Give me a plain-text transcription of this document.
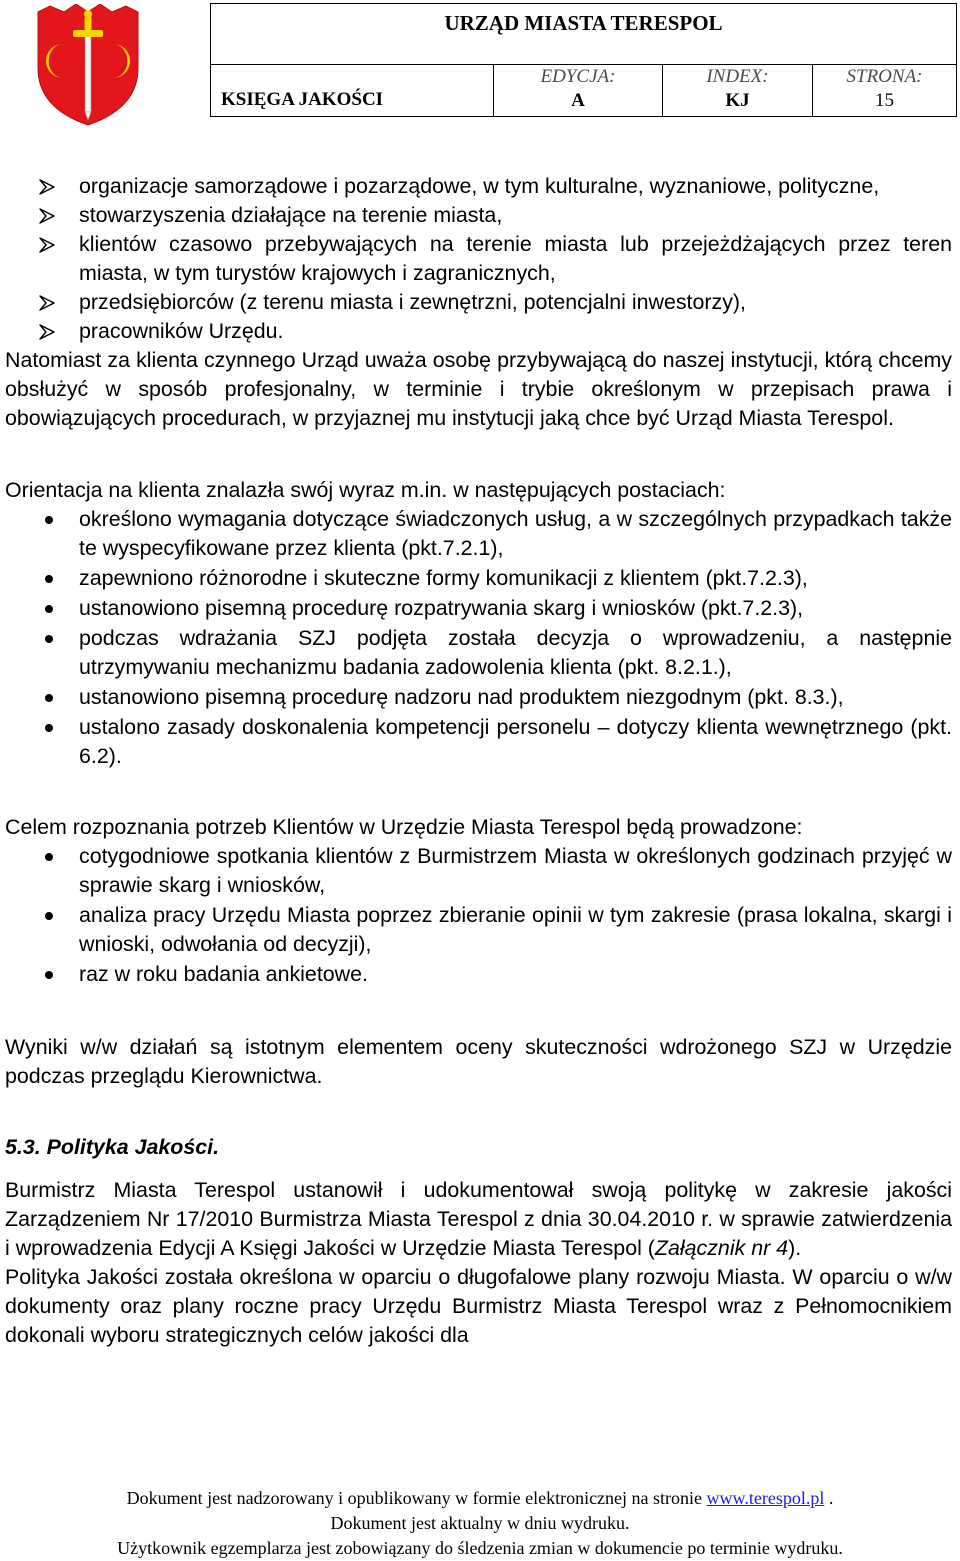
URZĄD MIASTA TERESPOL
KSIĘGA JAKOŚCI
EDYCJA:
A
INDEX:
KJ
STRONA:
15
organizacje samorządowe i pozarządowe, w tym kulturalne, wyznaniowe, polityczne,
stowarzyszenia działające na terenie miasta,
klientów czasowo przebywających na terenie miasta lub przejeżdżających przez teren miasta, w tym turystów krajowych i zagranicznych,
przedsiębiorców (z terenu miasta i zewnętrzni, potencjalni inwestorzy),
pracowników Urzędu.

Natomiast za klienta czynnego Urząd uważa osobę przybywającą do naszej instytucji, którą chcemy obsłużyć w sposób profesjonalny, w terminie i trybie określonym w przepisach prawa i obowiązujących procedurach, w przyjaznej mu instytucji jaką chce być Urząd Miasta Terespol.

Orientacja na klienta znalazła swój wyraz m.in. w następujących postaciach:

określono wymagania dotyczące świadczonych usług, a w szczególnych przypadkach także te wyspecyfikowane przez klienta (pkt.7.2.1),
zapewniono różnorodne i skuteczne formy komunikacji z klientem (pkt.7.2.3),
ustanowiono pisemną procedurę rozpatrywania skarg i wniosków (pkt.7.2.3),
podczas wdrażania SZJ podjęta została decyzja o wprowadzeniu, a następnie utrzymywaniu mechanizmu badania zadowolenia klienta (pkt. 8.2.1.),
ustanowiono pisemną procedurę nadzoru nad produktem niezgodnym (pkt. 8.3.),
ustalono zasady doskonalenia kompetencji personelu – dotyczy klienta wewnętrznego (pkt. 6.2).

Celem rozpoznania potrzeb Klientów w Urzędzie Miasta Terespol będą prowadzone:

cotygodniowe spotkania klientów z Burmistrzem Miasta w określonych godzinach przyjęć w sprawie skarg i wniosków,
analiza pracy Urzędu Miasta poprzez zbieranie opinii w tym zakresie (prasa lokalna, skargi i wnioski, odwołania od decyzji),
raz w roku badania ankietowe.

Wyniki w/w działań są istotnym elementem oceny skuteczności wdrożonego SZJ w Urzędzie podczas przeglądu Kierownictwa.

5.3. Polityka Jakości.

Burmistrz Miasta Terespol ustanowił i udokumentował swoją politykę w zakresie jakości Zarządzeniem Nr 17/2010 Burmistrza Miasta Terespol z dnia 30.04.2010 r. w sprawie zatwierdzenia i wprowadzenia Edycji A Księgi Jakości w Urzędzie Miasta Terespol (Załącznik nr 4).

Polityka Jakości została określona w oparciu o długofalowe plany rozwoju Miasta. W oparciu o w/w dokumenty oraz plany roczne pracy Urzędu Burmistrz Miasta Terespol wraz z Pełnomocnikiem dokonali wyboru strategicznych celów jakości dla

Dokument jest nadzorowany i opublikowany w formie elektronicznej na stronie www.terespol.pl .
Dokument jest aktualny w dniu wydruku.
Użytkownik egzemplarza jest zobowiązany do śledzenia zmian w dokumencie po terminie wydruku.
